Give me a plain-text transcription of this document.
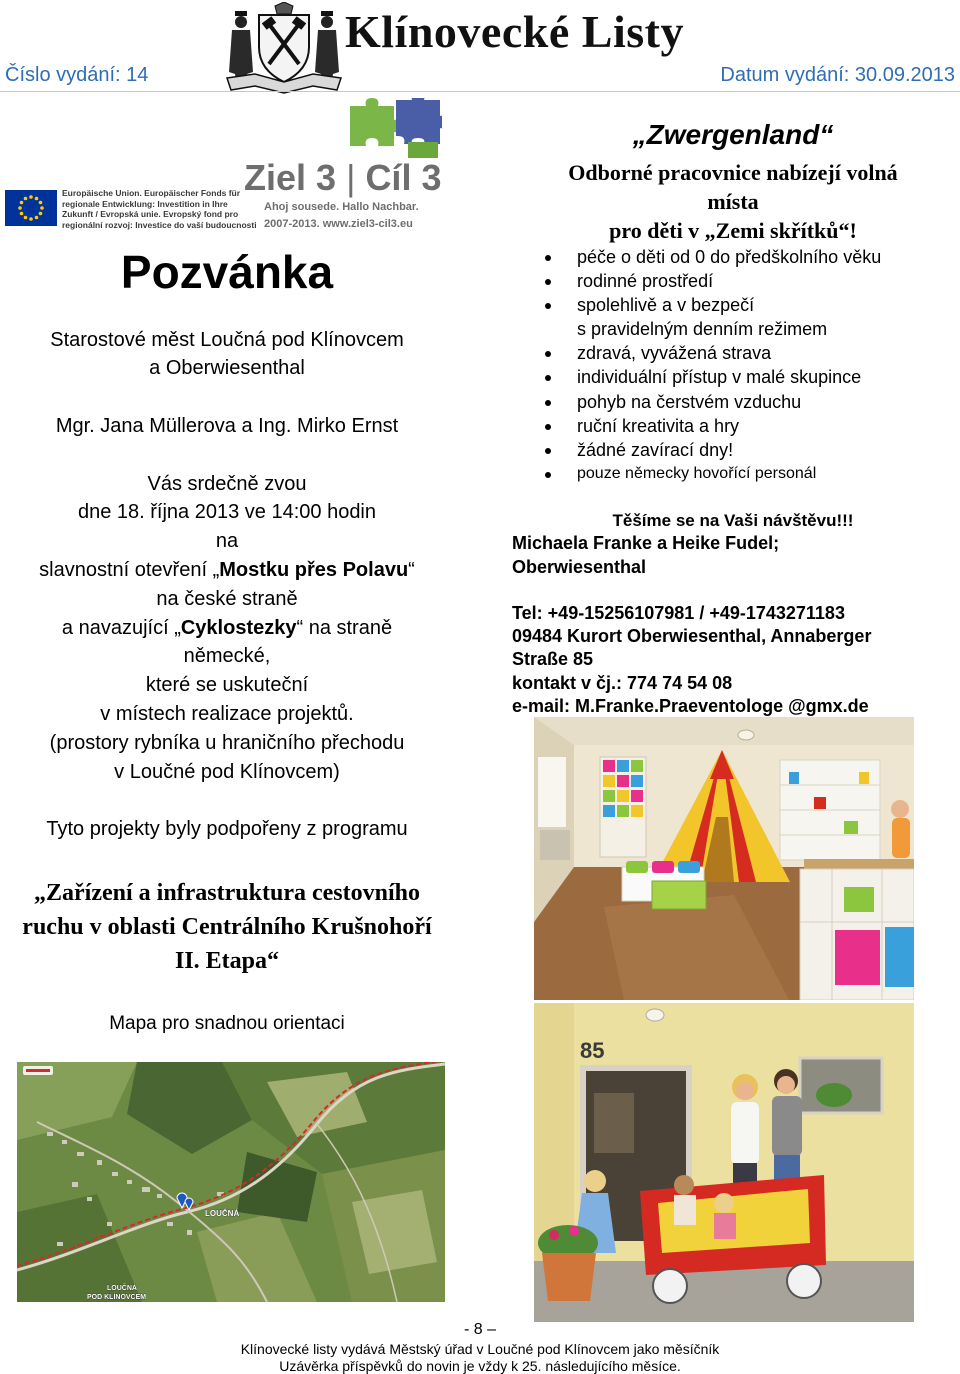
Klínovecké Listy
Číslo vydání: 14	Datum vydání: 30.09.2013
Europäische Union. Europäischer Fonds für
regionale Entwicklung: Investition in Ihre
Zukunft / Evropská unie. Evropský fond pro
regionální rozvoj: Investice do vaší budoucnosti
Ziel 3 | Cíl 3
Ahoj sousede. Hallo Nachbar.
2007-2013. www.ziel3-cil3.eu
Pozvánka
Starostové měst Loučná pod Klínovcem
a Oberwiesenthal
Mgr. Jana Müllerova a Ing. Mirko Ernst
Vás srdečně zvou
dne 18. října 2013 ve 14:00 hodin
na
slavnostní otevření „Mostku přes Polavu“
na české straně
a navazující „Cyklostezky“ na straně
německé,
které se uskuteční
v místech realizace projektů.
(prostory rybníka u hraničního přechodu
v Loučné pod Klínovcem)
Tyto projekty byly podpořeny z programu
„Zařízení a infrastruktura cestovního
ruchu v oblasti Centrálního Krušnohoří
II. Etapa“
Mapa pro snadnou orientaci
LOUČNÁ
LOUČNÁ
POD KLÍNOVCEM
„Zwergenland“
Odborné pracovnice nabízejí volná
místa
pro děti v „Zemi skřítků“!
péče o děti od 0 do předškolního věku
rodinné prostředí
spolehlivě a v bezpečí
s pravidelným denním režimem
zdravá, vyvážená strava
individuální přístup v malé skupince
pohyb na čerstvém vzduchu
ruční kreativita a hry
žádné zavírací dny!
pouze německy hovořící personál
Těšíme se na Vaši návštěvu!!!
Michaela Franke a Heike Fudel;
Oberwiesenthal
Tel: +49-15256107981 / +49-1743271183
09484 Kurort Oberwiesenthal, Annaberger
Straße 85
kontakt v čj.: 774 74 54 08
e-mail: M.Franke.Praeventologe @gmx.de
85
- 8 –
Klínovecké listy vydává Městský úřad v Loučné pod Klínovcem jako měsíčník
Uzávěrka příspěvků do novin je vždy k 25. následujícího měsíce.
